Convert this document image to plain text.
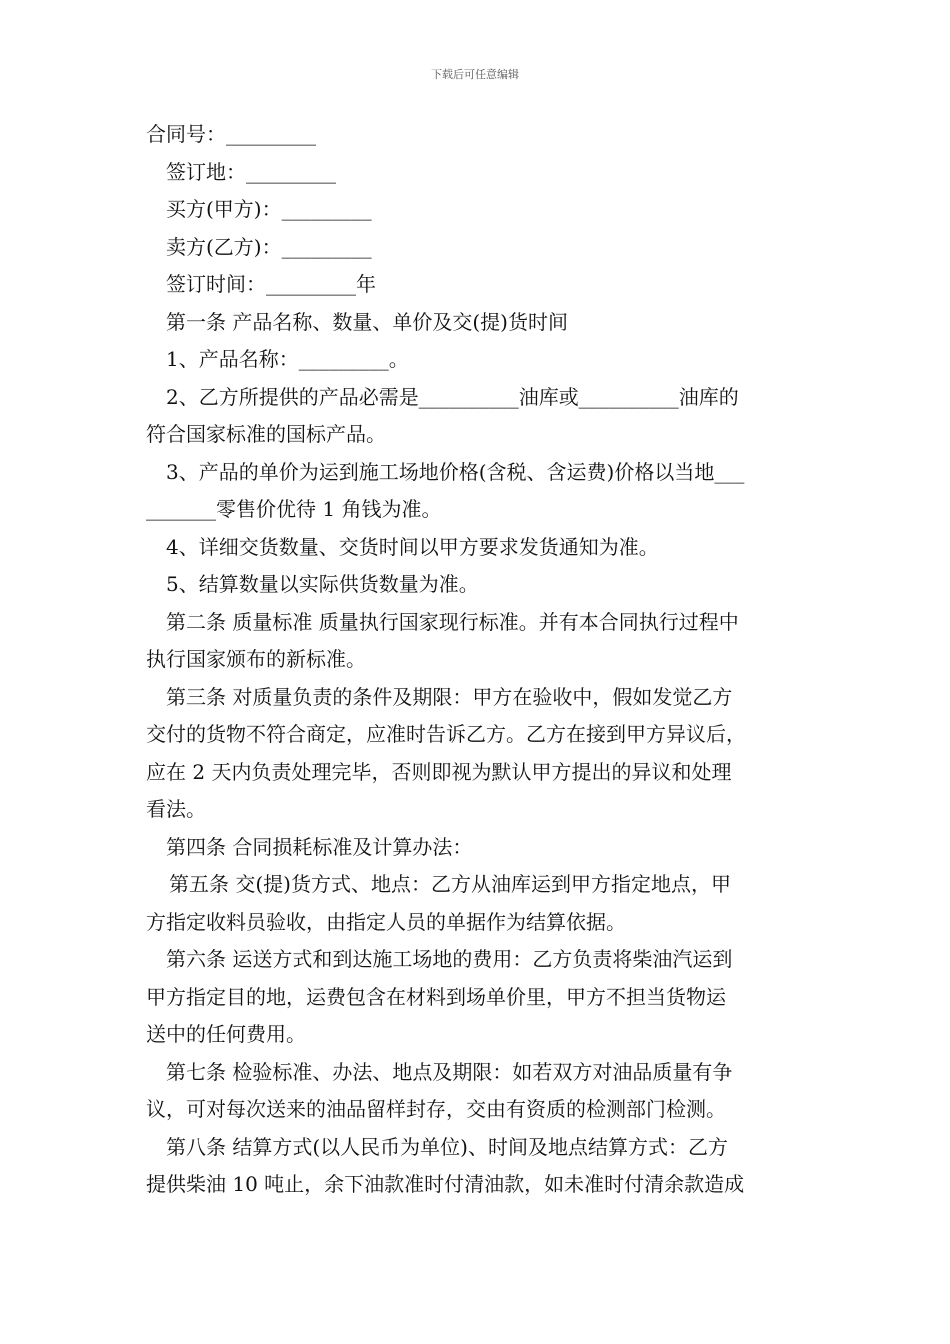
下载后可任意编辑

合同号：_________

签订地：_________

买方(甲方)：_________

卖方(乙方)：_________

签订时间：_________年

第一条 产品名称、数量、单价及交(提)货时间

1、产品名称：_________。

2、乙方所提供的产品必需是__________油库或__________油库的

符合国家标准的国标产品。

3、产品的单价为运到施工场地价格(含税、含运费)价格以当地___

_______零售价优待 1 角钱为准。

4、详细交货数量、交货时间以甲方要求发货通知为准。

5、结算数量以实际供货数量为准。

第二条 质量标准 质量执行国家现行标准。并有本合同执行过程中

执行国家颁布的新标准。

第三条 对质量负责的条件及期限：甲方在验收中，假如发觉乙方

交付的货物不符合商定，应准时告诉乙方。乙方在接到甲方异议后，

应在 2 天内负责处理完毕，否则即视为默认甲方提出的异议和处理

看法。

第四条 合同损耗标准及计算办法：

第五条 交(提)货方式、地点：乙方从油库运到甲方指定地点，甲

方指定收料员验收，由指定人员的单据作为结算依据。

第六条 运送方式和到达施工场地的费用：乙方负责将柴油汽运到

甲方指定目的地，运费包含在材料到场单价里，甲方不担当货物运

送中的任何费用。

第七条 检验标准、办法、地点及期限：如若双方对油品质量有争

议，可对每次送来的油品留样封存，交由有资质的检测部门检测。

第八条 结算方式(以人民币为单位)、时间及地点结算方式：乙方

提供柴油 10 吨止，余下油款准时付清油款，如未准时付清余款造成
